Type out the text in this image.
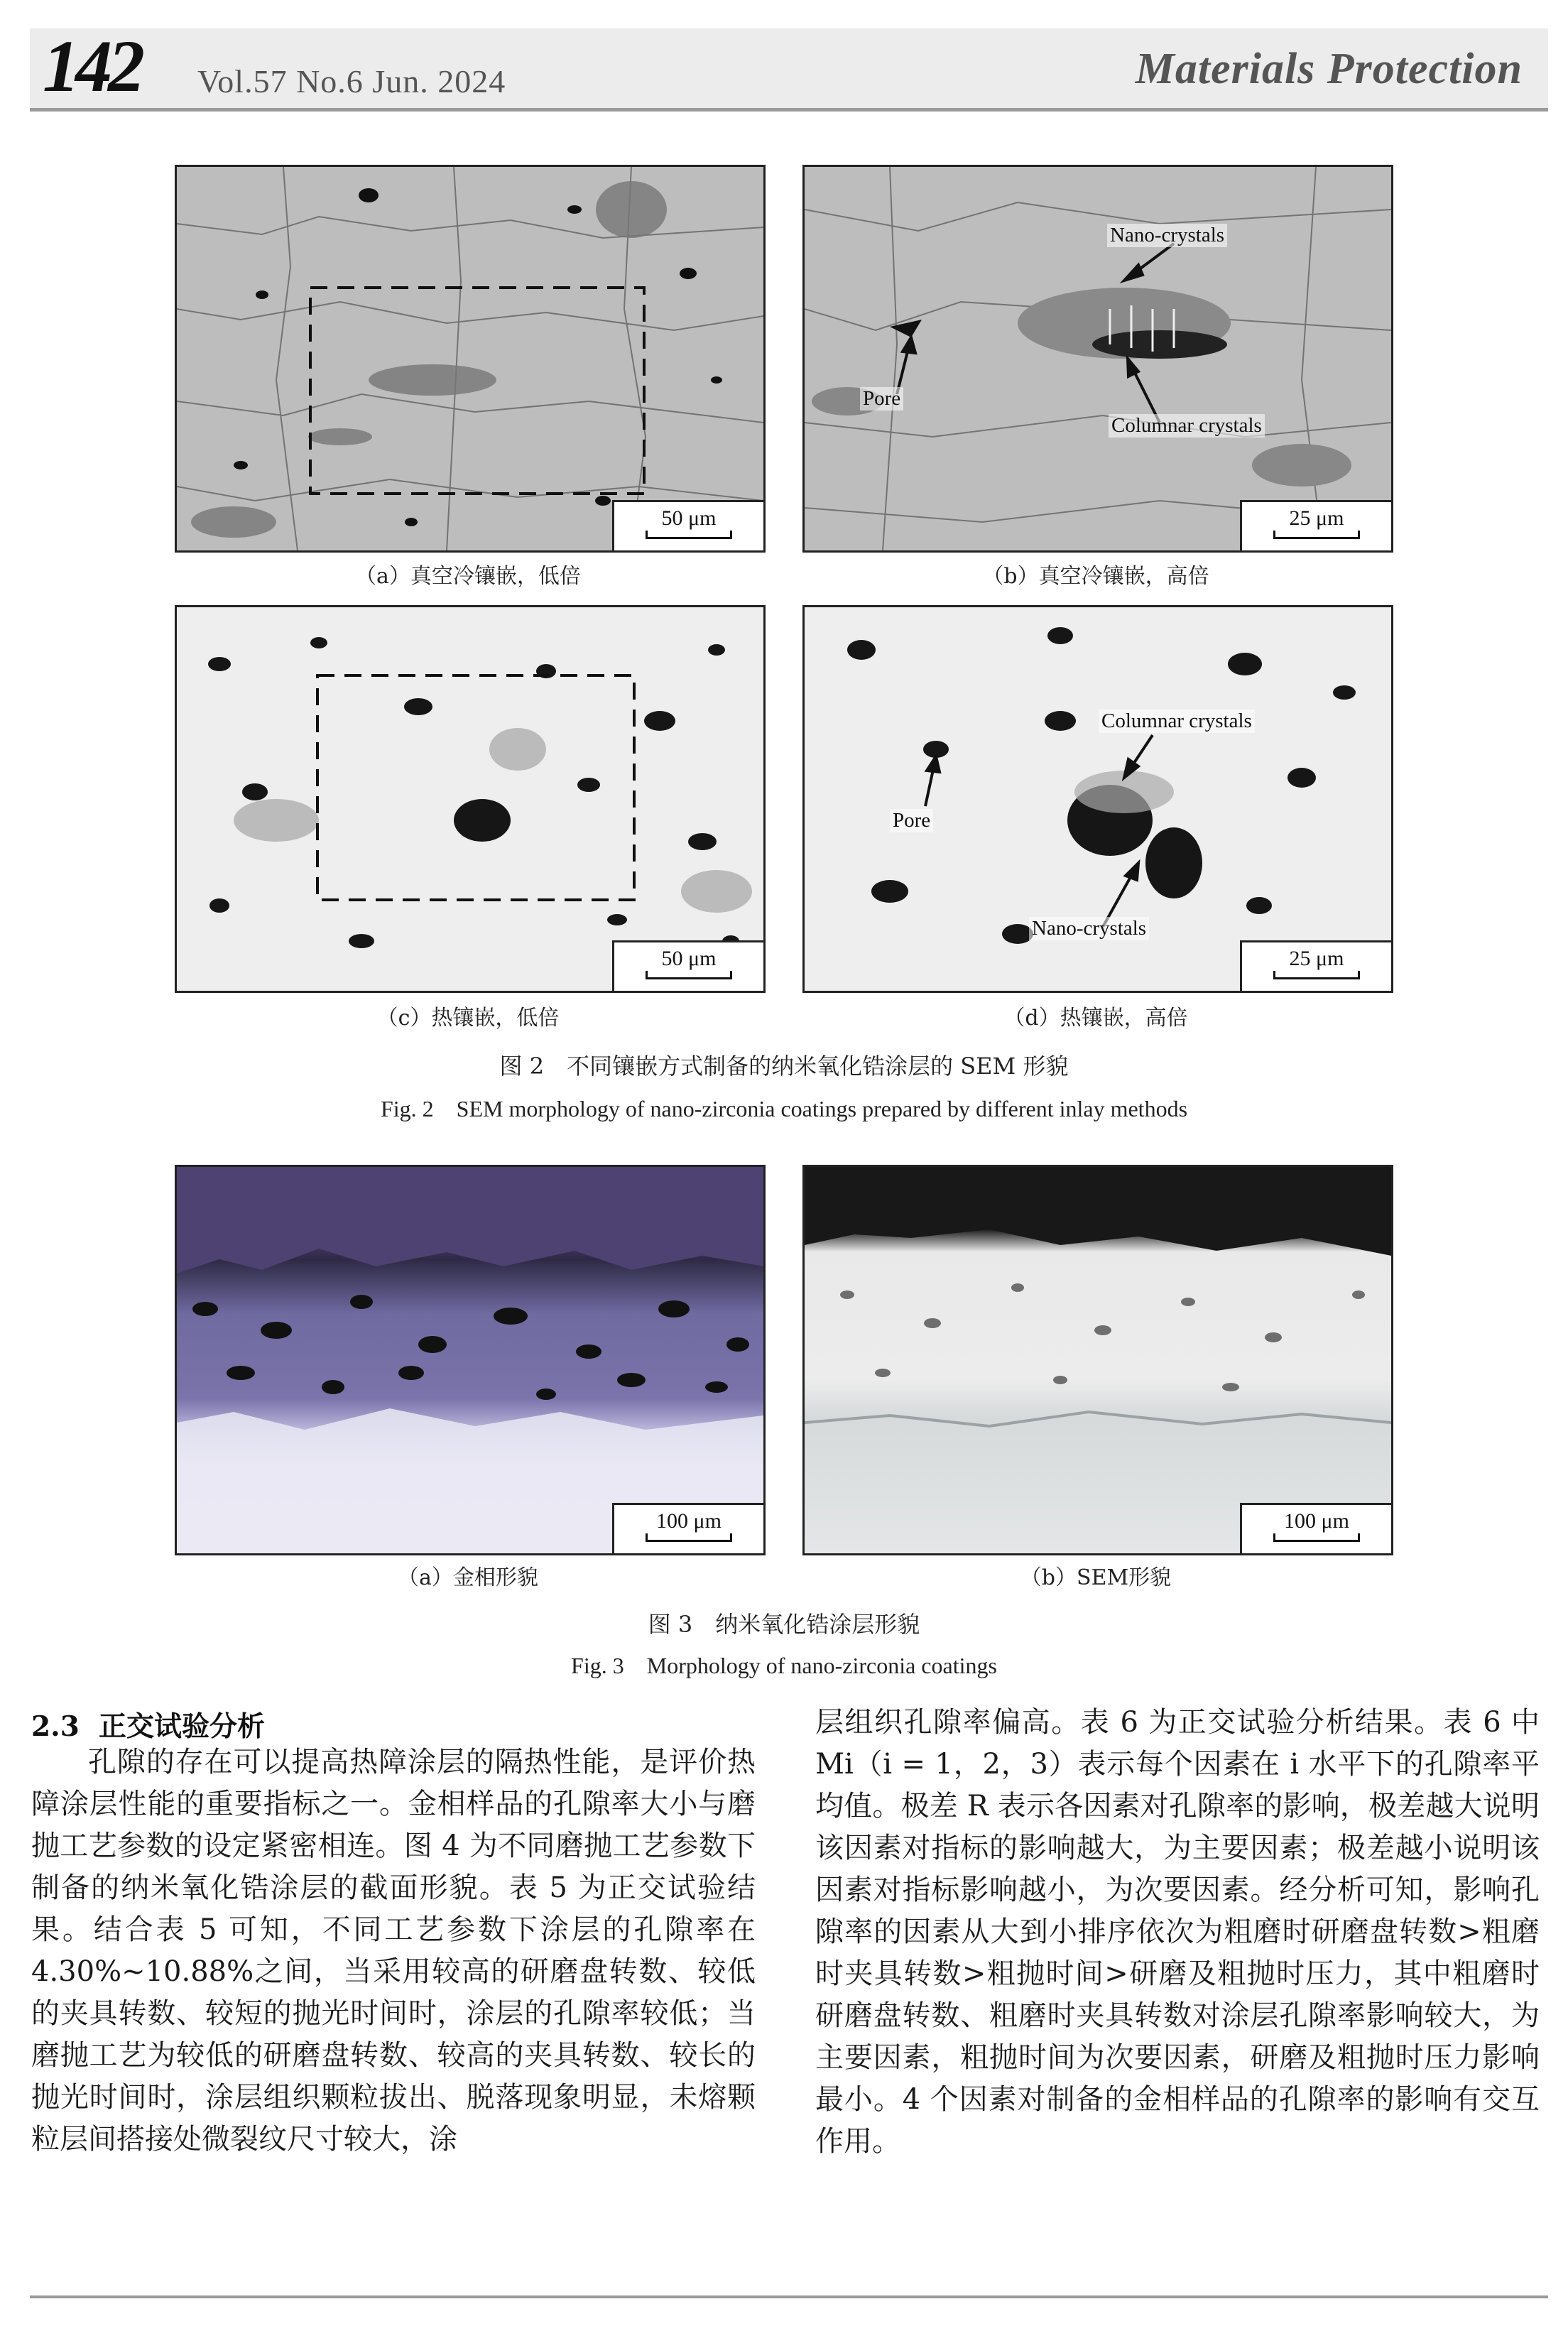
142 Vol.57 No.6 Jun. 2024	Materials Protection
50 μm
（a）真空冷镶嵌，低倍
Nano-crystals
Pore
Columnar crystals
25 μm
（b）真空冷镶嵌，高倍
50 μm
（c）热镶嵌，低倍
Columnar crystals
Pore
Nano-crystals
25 μm
（d）热镶嵌，高倍
图 2　不同镶嵌方式制备的纳米氧化锆涂层的 SEM 形貌
Fig. 2　SEM morphology of nano-zirconia coatings prepared by different inlay methods
100 μm
（a）金相形貌
100 μm
（b）SEM形貌
图 3　纳米氧化锆涂层形貌
Fig. 3　Morphology of nano-zirconia coatings
2.3 正交试验分析

孔隙的存在可以提高热障涂层的隔热性能，是评价热障涂层性能的重要指标之一。金相样品的孔隙率大小与磨抛工艺参数的设定紧密相连。图 4 为不同磨抛工艺参数下制备的纳米氧化锆涂层的截面形貌。表 5 为正交试验结果。结合表 5 可知，不同工艺参数下涂层的孔隙率在 4.30%~10.88%之间，当采用较高的研磨盘转数、较低的夹具转数、较短的抛光时间时，涂层的孔隙率较低；当磨抛工艺为较低的研磨盘转数、较高的夹具转数、较长的抛光时间时，涂层组织颗粒拔出、脱落现象明显，未熔颗粒层间搭接处微裂纹尺寸较大，涂

层组织孔隙率偏高。表 6 为正交试验分析结果。表 6 中 Mi（i = 1，2，3）表示每个因素在 i 水平下的孔隙率平均值。极差 R 表示各因素对孔隙率的影响，极差越大说明该因素对指标的影响越大，为主要因素；极差越小说明该因素对指标影响越小，为次要因素。经分析可知，影响孔隙率的因素从大到小排序依次为粗磨时研磨盘转数>粗磨时夹具转数>粗抛时间>研磨及粗抛时压力，其中粗磨时研磨盘转数、粗磨时夹具转数对涂层孔隙率影响较大，为主要因素，粗抛时间为次要因素，研磨及粗抛时压力影响最小。4 个因素对制备的金相样品的孔隙率的影响有交互作用。
